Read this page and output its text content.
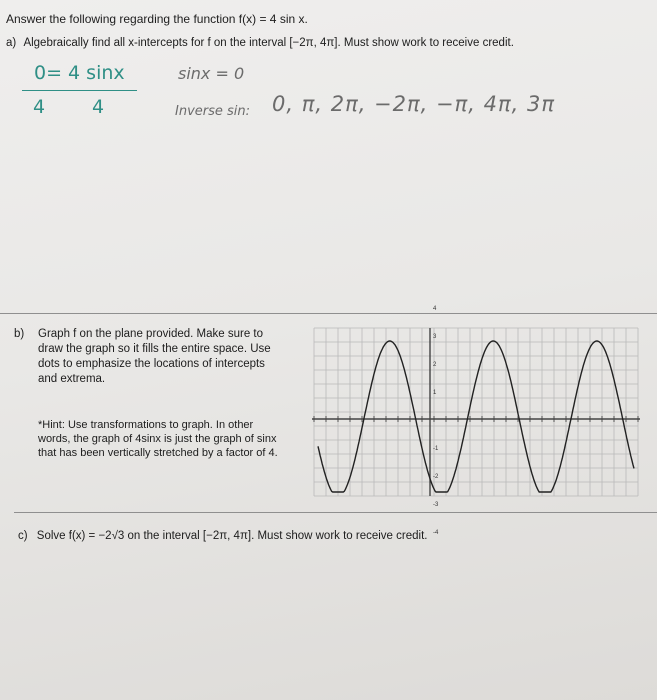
Answer the following regarding the function f(x) = 4 sin x.
a) Algebraically find all x-intercepts for f on the interval [−2π, 4π]. Must show work to receive credit.
0= 4 sinx
4 4
sinx = 0
Inverse sin: 0, π, 2π, −2π, −π, 4π, 3π
b) Graph f on the plane provided. Make sure to draw the graph so it fills the entire space. Use dots to emphasize the locations of intercepts and extrema.
*Hint: Use transformations to graph. In other words, the graph of 4sinx is just the graph of sinx that has been vertically stretched by a factor of 4.
4
3
2
1
-1
-2
-3
-4
c) Solve f(x) = −2√3 on the interval [−2π, 4π]. Must show work to receive credit.
